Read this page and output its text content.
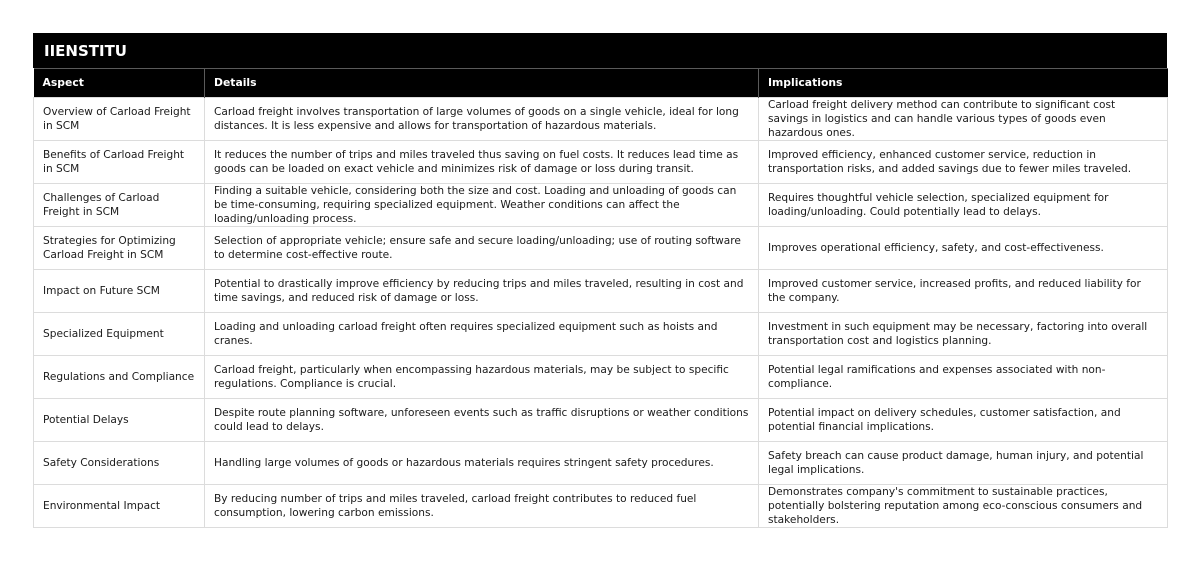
IIENSTITU
Aspect	Details	Implications
Overview of Carload Freight in SCM	Carload freight involves transportation of large volumes of goods on a single vehicle, ideal for long distances. It is less expensive and allows for transportation of hazardous materials.	Carload freight delivery method can contribute to significant cost savings in logistics and can handle various types of goods even hazardous ones.
Benefits of Carload Freight in SCM	It reduces the number of trips and miles traveled thus saving on fuel costs. It reduces lead time as goods can be loaded on exact vehicle and minimizes risk of damage or loss during transit.	Improved efficiency, enhanced customer service, reduction in transportation risks, and added savings due to fewer miles traveled.
Challenges of Carload Freight in SCM	Finding a suitable vehicle, considering both the size and cost. Loading and unloading of goods can be time-consuming, requiring specialized equipment. Weather conditions can affect the loading/unloading process.	Requires thoughtful vehicle selection, specialized equipment for loading/unloading. Could potentially lead to delays.
Strategies for Optimizing Carload Freight in SCM	Selection of appropriate vehicle; ensure safe and secure loading/unloading; use of routing software to determine cost-effective route.	Improves operational efficiency, safety, and cost-effectiveness.
Impact on Future SCM	Potential to drastically improve efficiency by reducing trips and miles traveled, resulting in cost and time savings, and reduced risk of damage or loss.	Improved customer service, increased profits, and reduced liability for the company.
Specialized Equipment	Loading and unloading carload freight often requires specialized equipment such as hoists and cranes.	Investment in such equipment may be necessary, factoring into overall transportation cost and logistics planning.
Regulations and Compliance	Carload freight, particularly when encompassing hazardous materials, may be subject to specific regulations. Compliance is crucial.	Potential legal ramifications and expenses associated with non-compliance.
Potential Delays	Despite route planning software, unforeseen events such as traffic disruptions or weather conditions could lead to delays.	Potential impact on delivery schedules, customer satisfaction, and potential financial implications.
Safety Considerations	Handling large volumes of goods or hazardous materials requires stringent safety procedures.	Safety breach can cause product damage, human injury, and potential legal implications.
Environmental Impact	By reducing number of trips and miles traveled, carload freight contributes to reduced fuel consumption, lowering carbon emissions.	Demonstrates company's commitment to sustainable practices, potentially bolstering reputation among eco-conscious consumers and stakeholders.
